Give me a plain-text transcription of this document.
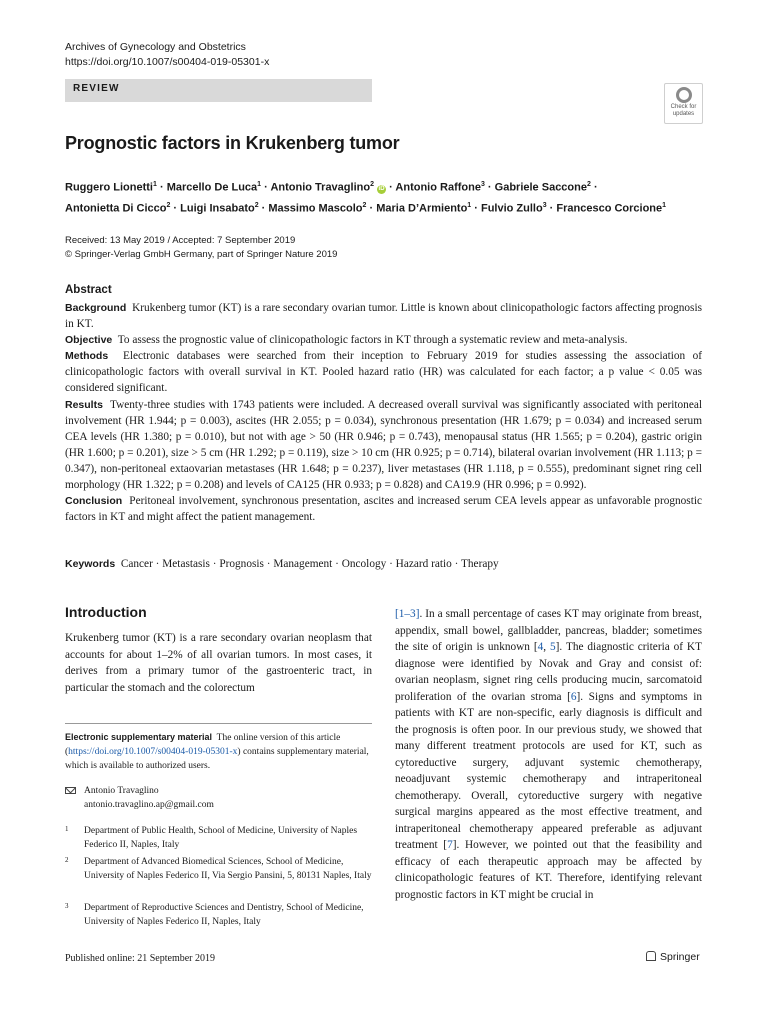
Archives of Gynecology and Obstetrics
https://doi.org/10.1007/s00404-019-05301-x
REVIEW
Check for
updates
Prognostic factors in Krukenberg tumor
Ruggero Lionetti$^1$ · Marcello De Luca$^1$ · Antonio Travaglino$^2$ iD · Antonio Raffone$^3$ · Gabriele Saccone$^2$ ·
Antonietta Di Cicco$^2$ · Luigi Insabato$^2$ · Massimo Mascolo$^2$ · Maria D’Armiento$^1$ · Fulvio Zullo$^3$ · Francesco Corcione$^1$
Received: 13 May 2019 / Accepted: 7 September 2019
© Springer-Verlag GmbH Germany, part of Springer Nature 2019
Abstract

Background Krukenberg tumor (KT) is a rare secondary ovarian tumor. Little is known about clinicopathologic factors affecting prognosis in KT.

Objective To assess the prognostic value of clinicopathologic factors in KT through a systematic review and meta-analysis.

Methods Electronic databases were searched from their inception to February 2019 for studies assessing the association of clinicopathologic factors with overall survival in KT. Pooled hazard ratio (HR) was calculated for each factor; a p value < 0.05 was considered significant.

Results Twenty-three studies with 1743 patients were included. A decreased overall survival was significantly associated with peritoneal involvement (HR 1.944; p = 0.003), ascites (HR 2.055; p = 0.034), synchronous presentation (HR 1.679; p = 0.034) and increased serum CEA levels (HR 1.380; p = 0.010), but not with age > 50 (HR 0.946; p = 0.743), menopausal status (HR 1.565; p = 0.204), gastric origin (HR 1.600; p = 0.201), size > 5 cm (HR 1.292; p = 0.119), size > 10 cm (HR 0.925; p = 0.714), bilateral ovarian involvement (HR 1.113; p = 0.347), non-peritoneal extaovarian metastases (HR 1.648; p = 0.237), liver metastases (HR 1.118, p = 0.555), predominant signet ring cell morphology (HR 1.322; p = 0.208) and levels of CA125 (HR 0.933; p = 0.828) and CA19.9 (HR 0.996; p = 0.992).

Conclusion Peritoneal involvement, synchronous presentation, ascites and increased serum CEA levels appear as unfavorable prognostic factors in KT and might affect the patient management.

Keywords Cancer · Metastasis · Prognosis · Management · Oncology · Hazard ratio · Therapy
Introduction

Krukenberg tumor (KT) is a rare secondary ovarian neoplasm that accounts for about 1–2% of all ovarian tumors. In most cases, it derives from a primary tumor of the gastroenteric tract, in particular the stomach and the colorectum

[1–3]. In a small percentage of cases KT may originate from breast, appendix, small bowel, gallbladder, pancreas, bladder; sometimes the site of origin is unknown [4, 5]. The diagnostic criteria of KT diagnose were identified by Novak and Gray and consist of: ovarian neoplasm, signet ring cells producing mucin, sarcomatoid proliferation of the ovarian stroma [6]. Signs and symptoms in patients with KT are non-specific, early diagnosis is difficult and the prognosis is often poor. In our previous study, we showed that many different treatment protocols are used for KT, such as cytoreductive surgery, adjuvant systemic chemotherapy, neoadjuvant systemic chemotherapy and intraperitoneal chemotherapy. Overall, cytoreductive surgery with negative surgical margins appeared as the most effective treatment, and intraperitoneal chemotherapy appeared preferable as adjuvant treatment [7]. However, we pointed out that the feasibility and efficacy of each therapeutic approach may be affected by clinicopathologic features of KT. Therefore, identifying relevant prognostic factors in KT might be crucial in

Electronic supplementary material The online version of this article (https://doi.org/10.1007/s00404-019-05301-x) contains supplementary material, which is available to authorized users.
Antonio Travaglino
antonio.travaglino.ap@gmail.com
1 Department of Public Health, School of Medicine, University of Naples Federico II, Naples, Italy
2 Department of Advanced Biomedical Sciences, School of Medicine, University of Naples Federico II, Via Sergio Pansini, 5, 80131 Naples, Italy
3 Department of Reproductive Sciences and Dentistry, School of Medicine, University of Naples Federico II, Naples, Italy
Published online: 21 September 2019	Springer
